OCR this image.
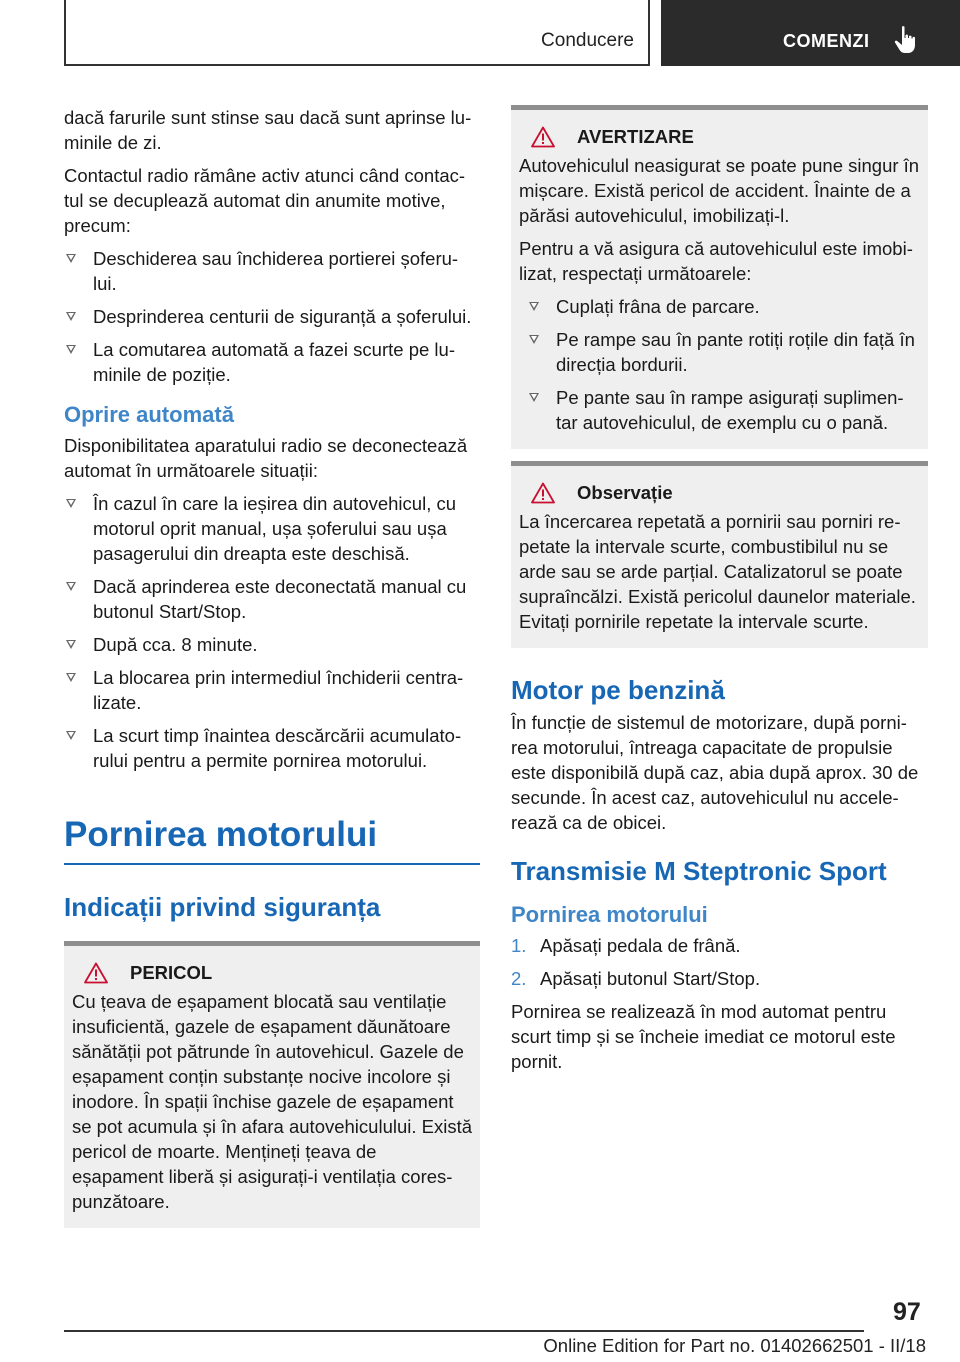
Conducere	COMENZI

dacă farurile sunt stinse sau dacă sunt aprinse lu-minile de zi.

Contactul radio rămâne activ atunci când contac-tul se decuplează automat din anumite motive, precum:

Deschiderea sau închiderea portierei șoferu-lui.
Desprinderea centurii de siguranță a șoferului.
La comutarea automată a fazei scurte pe lu-minile de poziție.
Oprire automată

Disponibilitatea aparatului radio se deconectează automat în următoarele situații:

În cazul în care la ieșirea din autovehicul, cu motorul oprit manual, ușa șoferului sau ușa pasagerului din dreapta este deschisă.
Dacă aprinderea este deconectată manual cu butonul Start/Stop.
După cca. 8 minute.
La blocarea prin intermediul închiderii centra-lizate.
La scurt timp înaintea descărcării acumulato-rului pentru a permite pornirea motorului.
Pornirea motorului
Indicații privind siguranța
PERICOL

Cu țeava de eșapament blocată sau ventilație insuficientă, gazele de eșapament dăunătoare sănătății pot pătrunde în autovehicul. Gazele de eșapament conțin substanțe nocive incolore și inodore. În spații închise gazele de eșapament se pot acumula și în afara autovehiculului. Există pericol de moarte. Mențineți țeava de eșapament liberă și asigurați-i ventilația cores-punzătoare.

AVERTIZARE

Autovehiculul neasigurat se poate pune singur în mișcare. Există pericol de accident. Înainte de a părăsi autovehiculul, imobilizați-l.

Pentru a vă asigura că autovehiculul este imobi-lizat, respectați următoarele:

Cuplați frâna de parcare.
Pe rampe sau în pante rotiți roțile din față în direcția bordurii.
Pe pante sau în rampe asigurați suplimen-tar autovehiculul, de exemplu cu o pană.
Observație

La încercarea repetată a pornirii sau porniri re-petate la intervale scurte, combustibilul nu se arde sau se arde parțial. Catalizatorul se poate supraîncălzi. Există pericolul daunelor materiale. Evitați pornirile repetate la intervale scurte.

Motor pe benzină

În funcție de sistemul de motorizare, după porni-rea motorului, întreaga capacitate de propulsie este disponibilă după caz, abia după aprox. 30 de secunde. În acest caz, autovehiculul nu accele-rează ca de obicei.

Transmisie M Steptronic Sport
Pornirea motorului
1. Apăsați pedala de frână.
2. Apăsați butonul Start/Stop.

Pornirea se realizează în mod automat pentru scurt timp și se încheie imediat ce motorul este pornit.

97
Online Edition for Part no. 01402662501 - II/18
